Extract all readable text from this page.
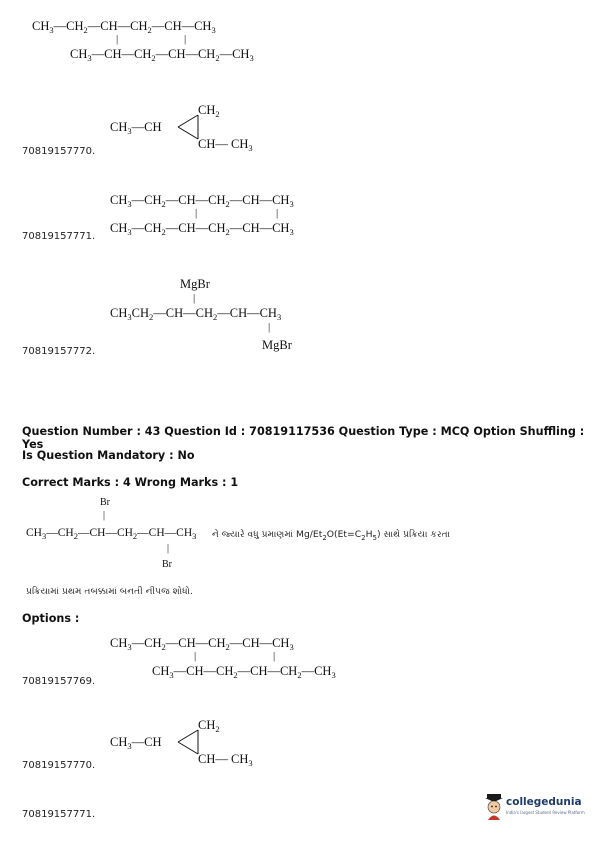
$CH_3—CH_2—CH—CH_2—CH—CH_3$
|	|
$CH_3—CH—CH_2—CH—CH_2—CH_3$
$CH_2$
$CH_3—CH$
CH— $CH_3$
70819157770.
$CH_3—CH_2—CH—CH_2—CH—CH_3$
|	|
$CH_3—CH_2—CH—CH_2—CH—CH_3$
70819157771.
MgBr
|
$CH_3CH_2—CH—CH_2—CH—CH_3$
|
MgBr
70819157772.
Question Number : 43 Question Id : 70819117536 Question Type : MCQ Option Shuffling : Yes
Is Question Mandatory : No
Correct Marks : 4 Wrong Marks : 1
Br
|
$CH_3—CH_2—CH—CH_2—CH—CH_3$ ને જ્યારે વધુ પ્રમાણમાં $Mg/Et_2O(Et=C_2H_5)$ સાથે પ્રક્રિયા કરતા
|
Br
પ્રક્રિયામાં પ્રથમ તબક્કામાં બનતી નીપજ શોધો.
Options :
$CH_3—CH_2—CH—CH_2—CH—CH_3$
|	|
$CH_3—CH—CH_2—CH—CH_2—CH_3$
70819157769.
$CH_2$
$CH_3—CH$
CH— $CH_3$
70819157770.
70819157771.
collegedunia
India's largest Student Review Platform
